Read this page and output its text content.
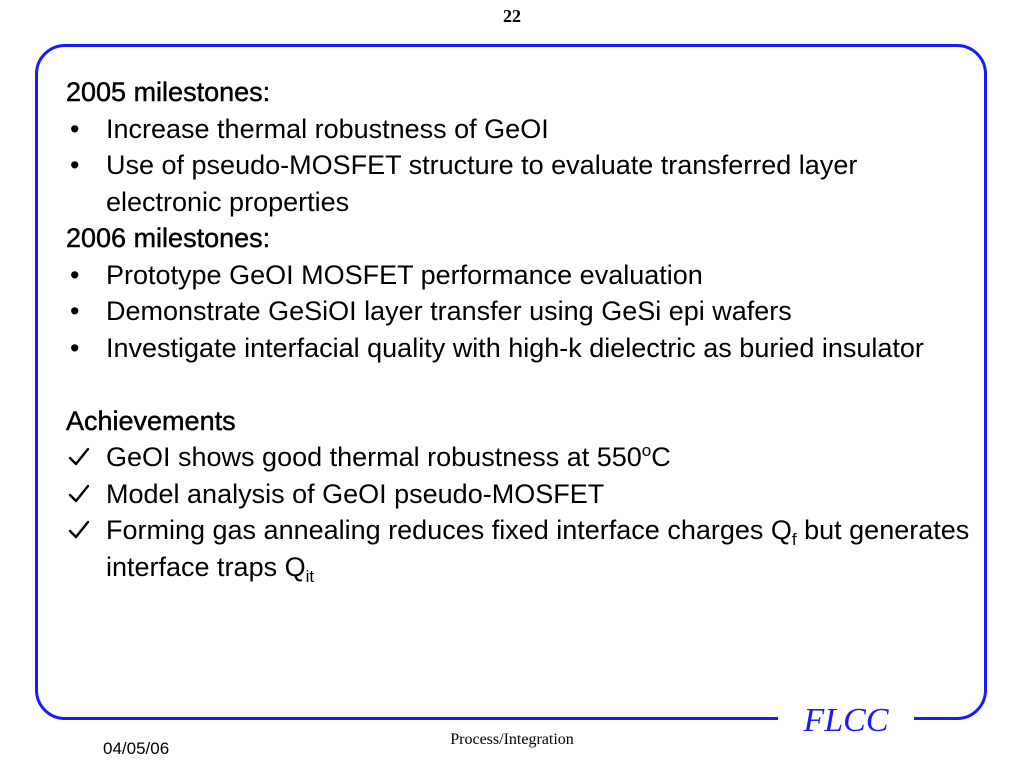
22
FLCC
2005 milestones:
• Increase thermal robustness of GeOI
• Use of pseudo-MOSFET structure to evaluate transferred layer electronic properties
2006 milestones:
• Prototype GeOI MOSFET performance evaluation
• Demonstrate GeSiOI layer transfer using GeSi epi wafers
• Investigate interfacial quality with high-k dielectric as buried insulator
Achievements
GeOI shows good thermal robustness at 550$^o$C
Model analysis of GeOI pseudo-MOSFET
Forming gas annealing reduces fixed interface charges $Q_f$ but generates interface traps $Q_{it}$
04/05/06	Process/Integration
